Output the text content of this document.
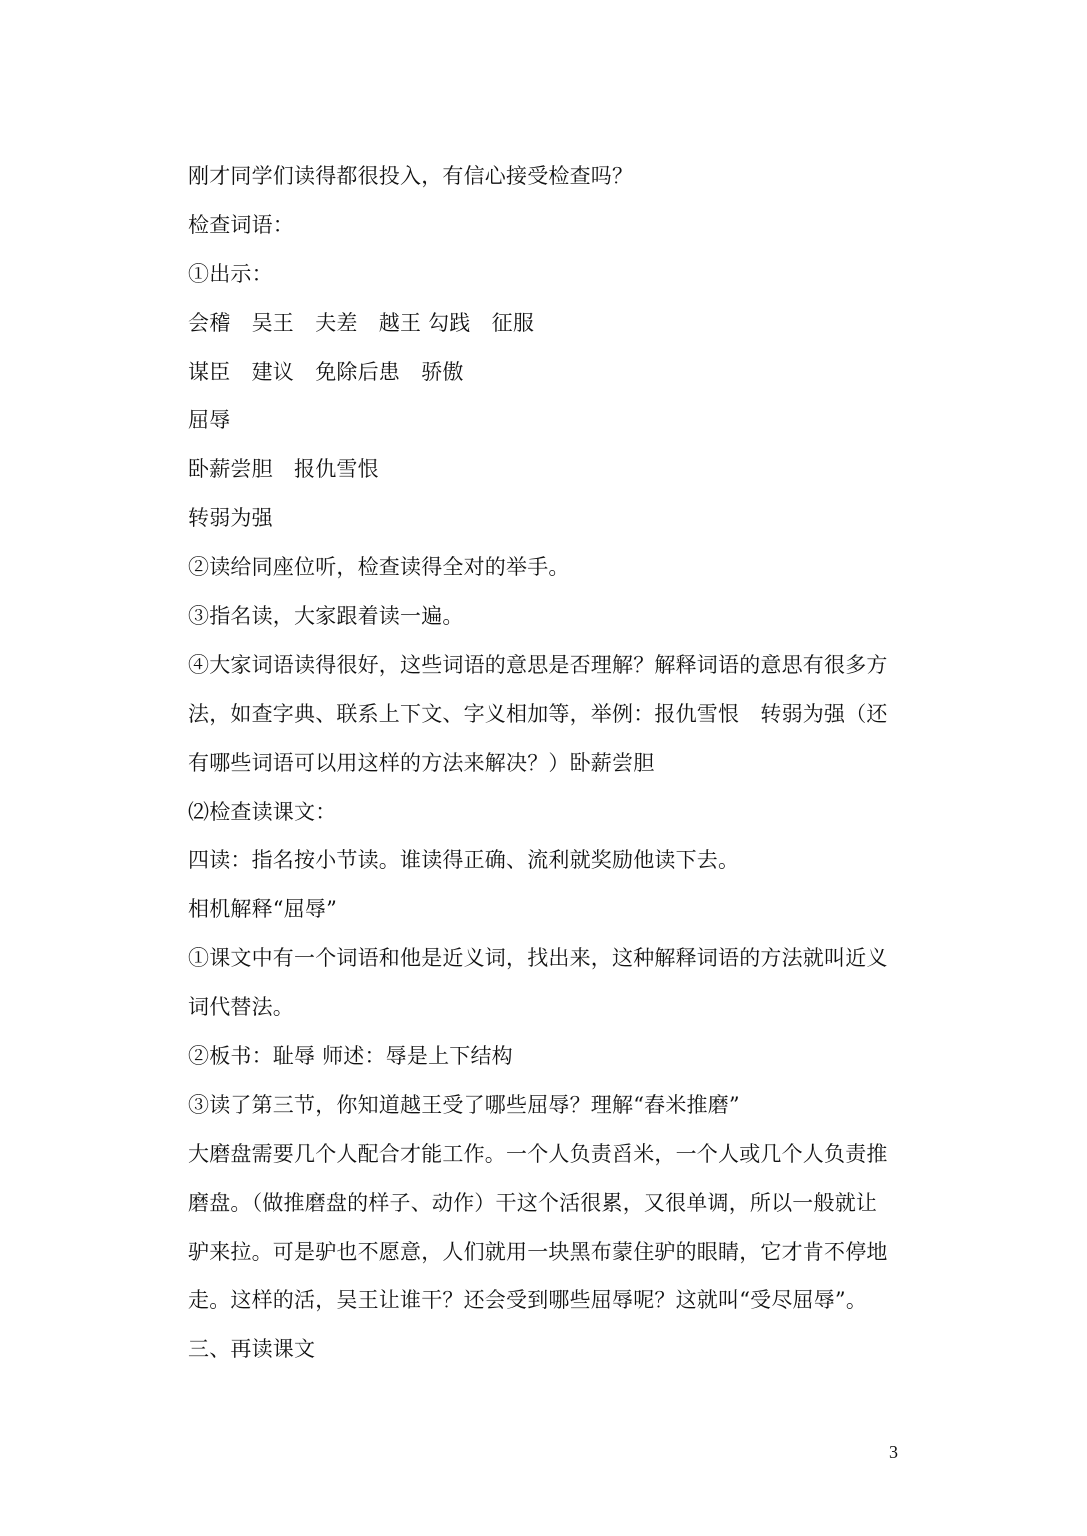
刚才同学们读得都很投入，有信心接受检查吗？
检查词语：
①出示：
会稽　吴王　夫差　越王 勾践　征服
谋臣　建议　免除后患　骄傲
屈辱
卧薪尝胆　报仇雪恨
转弱为强
②读给同座位听，检查读得全对的举手。
③指名读，大家跟着读一遍。
④大家词语读得很好，这些词语的意思是否理解？解释词语的意思有很多方
法，如查字典、联系上下文、字义相加等，举例：报仇雪恨　转弱为强（还
有哪些词语可以用这样的方法来解决？）卧薪尝胆
⑵检查读课文：
四读：指名按小节读。谁读得正确、流利就奖励他读下去。
相机解释“屈辱”
①课文中有一个词语和他是近义词，找出来，这种解释词语的方法就叫近义
词代替法。
②板书：耻辱 师述：辱是上下结构
③读了第三节，你知道越王受了哪些屈辱？理解“舂米推磨”
大磨盘需要几个人配合才能工作。一个人负责舀米，一个人或几个人负责推
磨盘。（做推磨盘的样子、动作）干这个活很累，又很单调，所以一般就让
驴来拉。可是驴也不愿意，人们就用一块黑布蒙住驴的眼睛，它才肯不停地
走。这样的活，吴王让谁干？还会受到哪些屈辱呢？这就叫“受尽屈辱”。
三、再读课文
3
